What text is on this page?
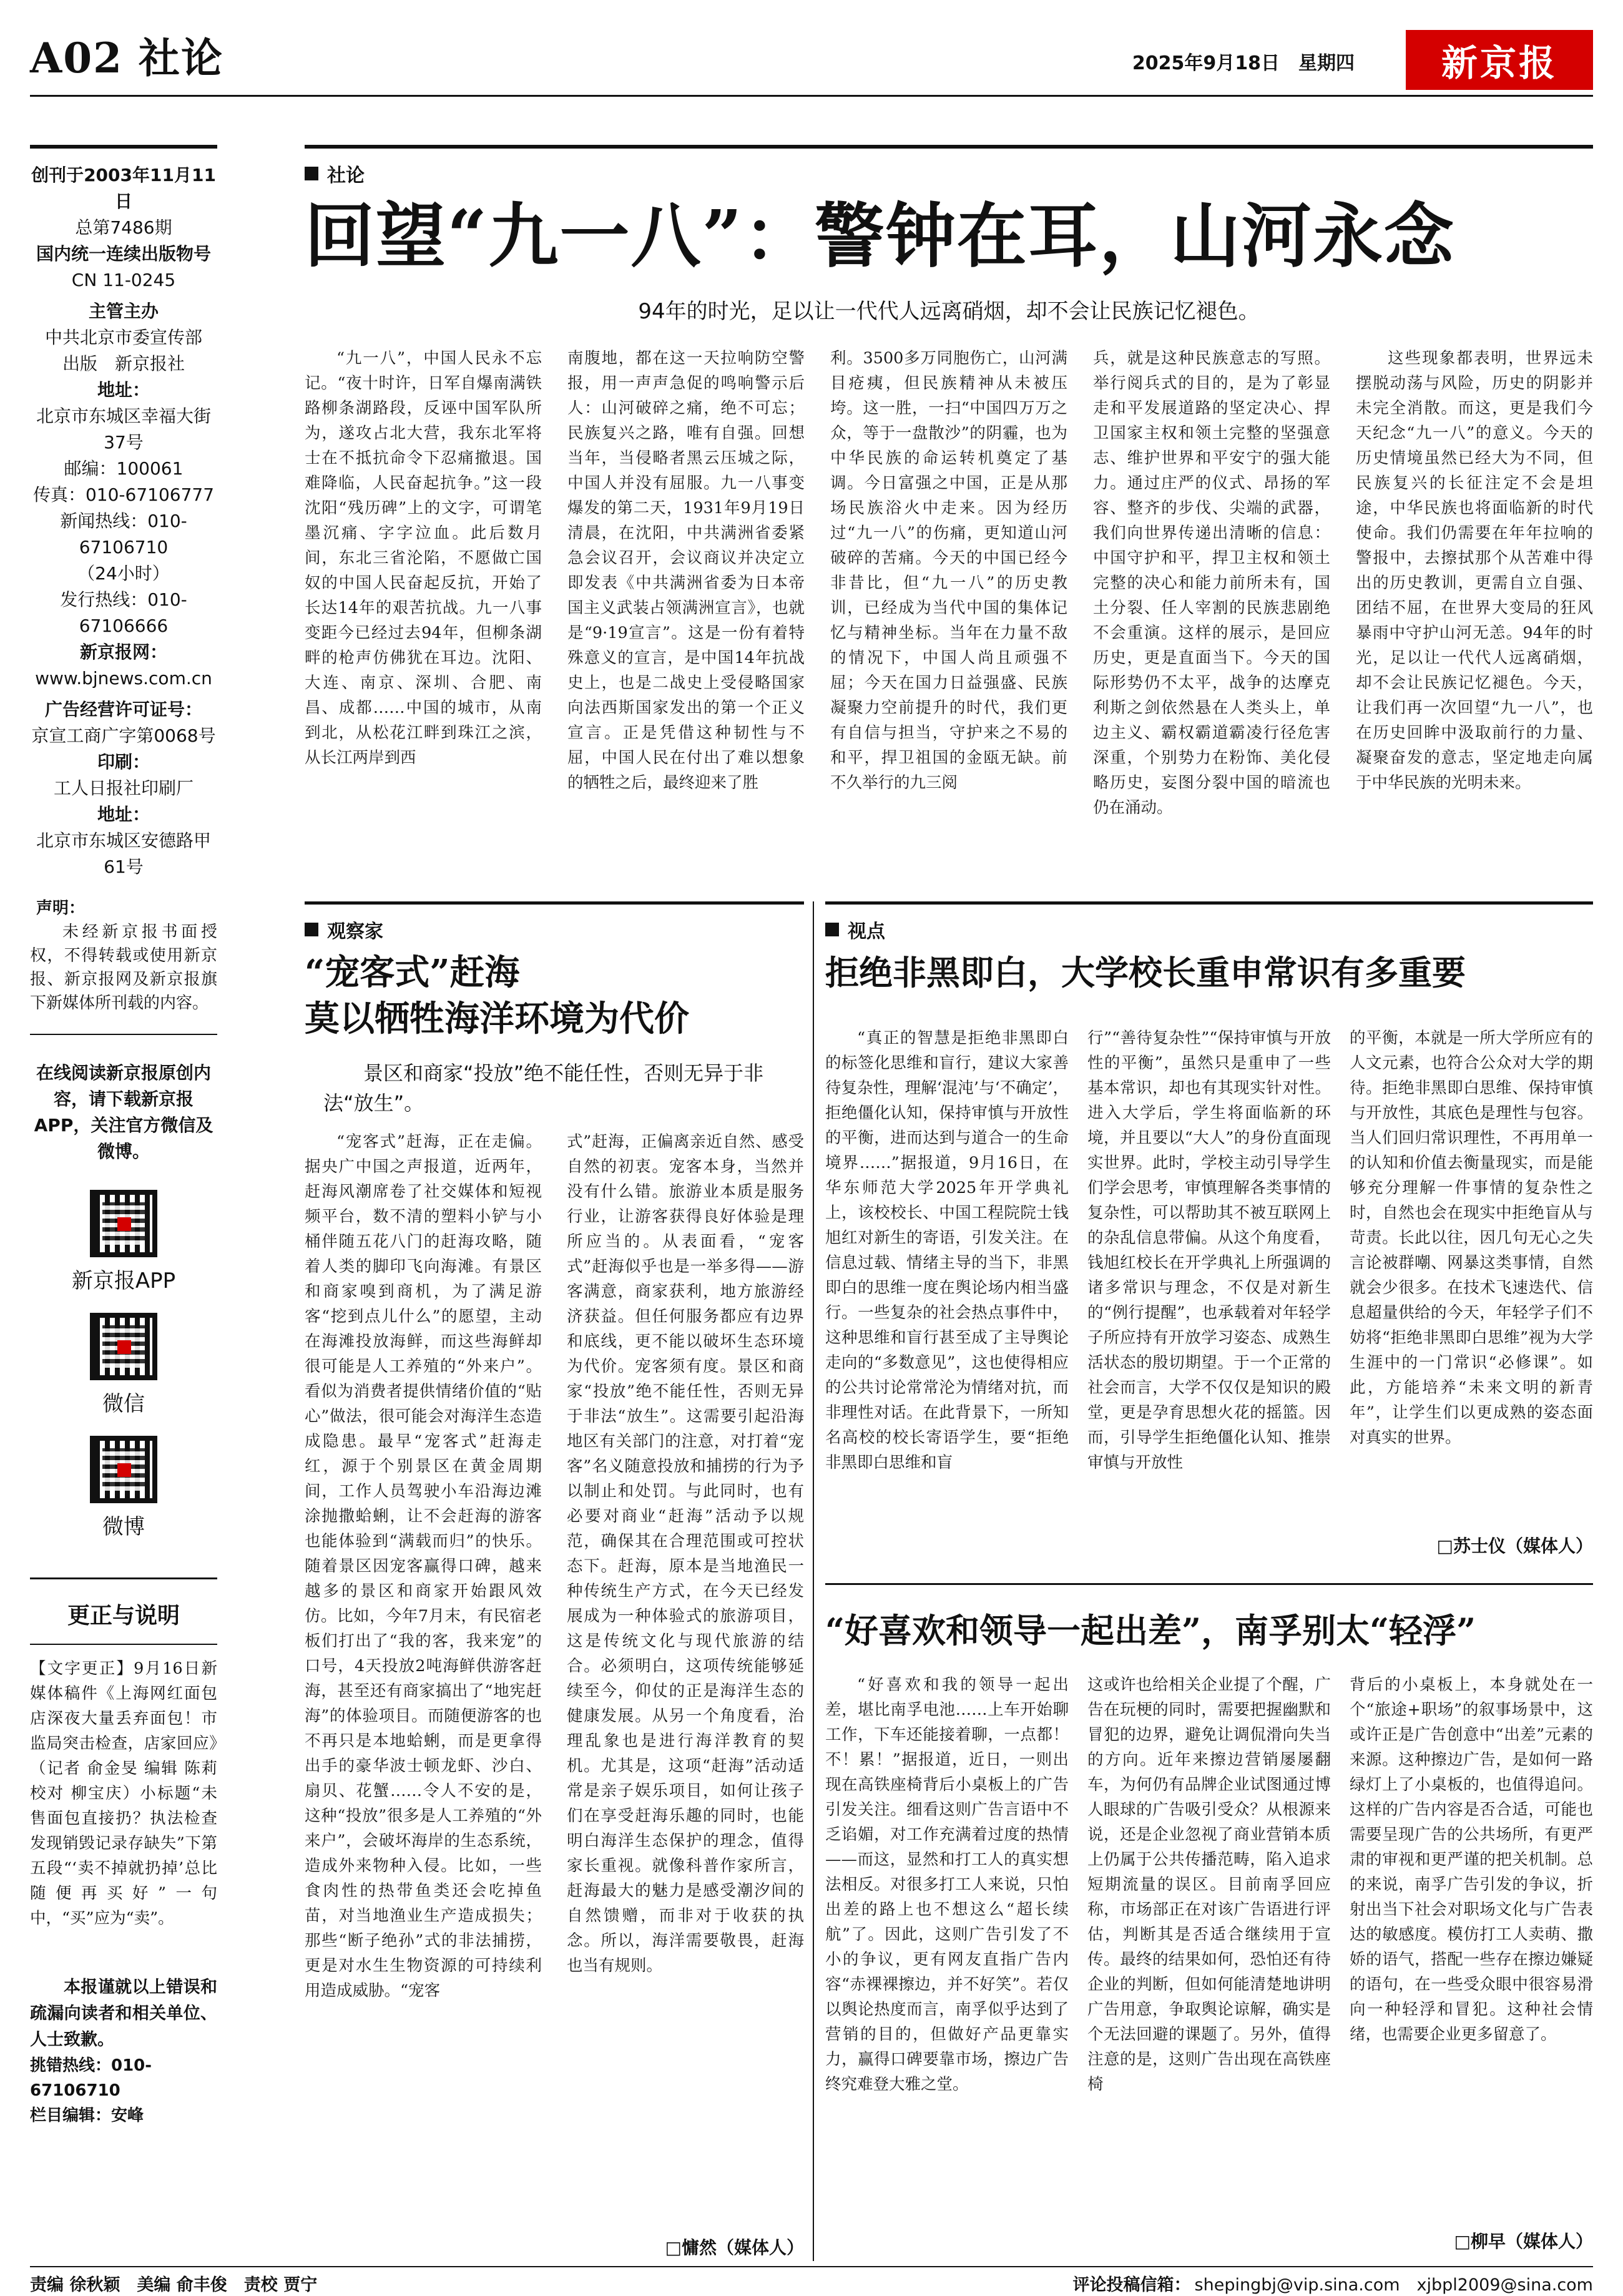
A02 社论	2025年9月18日　星期四	新京报
创刊于2003年11月11日
总第7486期
国内统一连续出版物号
CN 11-0245
主管主办
中共北京市委宣传部
出版　新京报社
地址：
北京市东城区幸福大街37号
邮编：100061
传真：010-67106777
新闻热线：010-67106710
（24小时）
发行热线：010-67106666
新京报网：
www.bjnews.com.cn
广告经营许可证号：
京宣工商广字第0068号
印刷：
工人日报社印刷厂
地址：
北京市东城区安德路甲61号
声明：
未经新京报书面授权，不得转载或使用新京报、新京报网及新京报旗下新媒体所刊载的内容。
在线阅读新京报原创内容，请下载新京报APP，关注官方微信及微博。
新京报APP
微信
微博
更正与说明
【文字更正】9月16日新媒体稿件《上海网红面包店深夜大量丢弃面包！市监局突击检查，店家回应》（记者 俞金旻 编辑 陈莉 校对 柳宝庆）小标题“未售面包直接扔？执法检查发现销毁记录存缺失”下第五段“‘卖不掉就扔掉’总比随便再买好”一句中，“买”应为“卖”。
本报谨就以上错误和疏漏向读者和相关单位、人士致歉。
挑错热线：010-67106710
栏目编辑：安峰
社论
回望“九一八”：警钟在耳，山河永念
94年的时光，足以让一代代人远离硝烟，却不会让民族记忆褪色。

“九一八”，中国人民永不忘记。“夜十时许，日军自爆南满铁路柳条湖路段，反诬中国军队所为，遂攻占北大营，我东北军将士在不抵抗命令下忍痛撤退。国难降临，人民奋起抗争。”这一段沈阳“残历碑”上的文字，可谓笔墨沉痛、字字泣血。此后数月间，东北三省沦陷，不愿做亡国奴的中国人民奋起反抗，开始了长达14年的艰苦抗战。九一八事变距今已经过去94年，但柳条湖畔的枪声仿佛犹在耳边。沈阳、大连、南京、深圳、合肥、南昌、成都……中国的城市，从南到北，从松花江畔到珠江之滨，从长江两岸到西

南腹地，都在这一天拉响防空警报，用一声声急促的鸣响警示后人：山河破碎之痛，绝不可忘；民族复兴之路，唯有自强。回想当年，当侵略者黑云压城之际，中国人并没有屈服。九一八事变爆发的第二天，1931年9月19日清晨，在沈阳，中共满洲省委紧急会议召开，会议商议并决定立即发表《中共满洲省委为日本帝国主义武装占领满洲宣言》，也就是“9·19宣言”。这是一份有着特殊意义的宣言，是中国14年抗战史上，也是二战史上受侵略国家向法西斯国家发出的第一个正义宣言。正是凭借这种韧性与不屈，中国人民在付出了难以想象的牺牲之后，最终迎来了胜

利。3500多万同胞伤亡，山河满目疮痍，但民族精神从未被压垮。这一胜，一扫“中国四万万之众，等于一盘散沙”的阴霾，也为中华民族的命运转机奠定了基调。今日富强之中国，正是从那场民族浴火中走来。因为经历过“九一八”的伤痛，更知道山河破碎的苦痛。今天的中国已经今非昔比，但“九一八”的历史教训，已经成为当代中国的集体记忆与精神坐标。当年在力量不敌的情况下，中国人尚且顽强不屈；今天在国力日益强盛、民族凝聚力空前提升的时代，我们更有自信与担当，守护来之不易的和平，捍卫祖国的金瓯无缺。前不久举行的九三阅

兵，就是这种民族意志的写照。举行阅兵式的目的，是为了彰显走和平发展道路的坚定决心、捍卫国家主权和领土完整的坚强意志、维护世界和平安宁的强大能力。通过庄严的仪式、昂扬的军容、整齐的步伐、尖端的武器，我们向世界传递出清晰的信息：中国守护和平，捍卫主权和领土完整的决心和能力前所未有，国土分裂、任人宰割的民族悲剧绝不会重演。这样的展示，是回应历史，更是直面当下。今天的国际形势仍不太平，战争的达摩克利斯之剑依然悬在人类头上，单边主义、霸权霸道霸凌行径危害深重，个别势力在粉饰、美化侵略历史，妄图分裂中国的暗流也仍在涌动。

这些现象都表明，世界远未摆脱动荡与风险，历史的阴影并未完全消散。而这，更是我们今天纪念“九一八”的意义。今天的历史情境虽然已经大为不同，但民族复兴的长征注定不会是坦途，中华民族也将面临新的时代使命。我们仍需要在年年拉响的警报中，去擦拭那个从苦难中得出的历史教训，更需自立自强、团结不屈，在世界大变局的狂风暴雨中守护山河无恙。94年的时光，足以让一代代人远离硝烟，却不会让民族记忆褪色。今天，让我们再一次回望“九一八”，也在历史回眸中汲取前行的力量、凝聚奋发的意志，坚定地走向属于中华民族的光明未来。

观察家
“宠客式”赶海
莫以牺牲海洋环境为代价
景区和商家“投放”绝不能任性，否则无异于非法“放生”。

“宠客式”赶海，正在走偏。据央广中国之声报道，近两年，赶海风潮席卷了社交媒体和短视频平台，数不清的塑料小铲与小桶伴随五花八门的赶海攻略，随着人类的脚印飞向海滩。有景区和商家嗅到商机，为了满足游客“挖到点儿什么”的愿望，主动在海滩投放海鲜，而这些海鲜却很可能是人工养殖的“外来户”。看似为消费者提供情绪价值的“贴心”做法，很可能会对海洋生态造成隐患。最早“宠客式”赶海走红，源于个别景区在黄金周期间，工作人员驾驶小车沿海边滩涂抛撒蛤蜊，让不会赶海的游客也能体验到“满载而归”的快乐。随着景区因宠客赢得口碑，越来越多的景区和商家开始跟风效仿。比如，今年7月末，有民宿老板们打出了“我的客，我来宠”的口号，4天投放2吨海鲜供游客赶海，甚至还有商家搞出了“地宪赶海”的体验项目。而随便游客的也不再只是本地蛤蜊，而是更拿得出手的豪华波士顿龙虾、沙白、扇贝、花蟹……令人不安的是，这种“投放”很多是人工养殖的“外来户”，会破坏海岸的生态系统，造成外来物种入侵。比如，一些食肉性的热带鱼类还会吃掉鱼苗，对当地渔业生产造成损失；那些“断子绝孙”式的非法捕捞，更是对水生生物资源的可持续利用造成威胁。“宠客

式”赶海，正偏离亲近自然、感受自然的初衷。宠客本身，当然并没有什么错。旅游业本质是服务行业，让游客获得良好体验是理所应当的。从表面看，“宠客式”赶海似乎也是一举多得——游客满意，商家获利，地方旅游经济获益。但任何服务都应有边界和底线，更不能以破坏生态环境为代价。宠客须有度。景区和商家“投放”绝不能任性，否则无异于非法“放生”。这需要引起沿海地区有关部门的注意，对打着“宠客”名义随意投放和捕捞的行为予以制止和处罚。与此同时，也有必要对商业“赶海”活动予以规范，确保其在合理范围或可控状态下。赶海，原本是当地渔民一种传统生产方式，在今天已经发展成为一种体验式的旅游项目，这是传统文化与现代旅游的结合。必须明白，这项传统能够延续至今，仰仗的正是海洋生态的健康发展。从另一个角度看，治理乱象也是进行海洋教育的契机。尤其是，这项“赶海”活动适常是亲子娱乐项目，如何让孩子们在享受赶海乐趣的同时，也能明白海洋生态保护的理念，值得家长重视。就像科普作家所言，赶海最大的魅力是感受潮汐间的自然馈赠，而非对于收获的执念。所以，海洋需要敬畏，赶海也当有规则。

□慵然（媒体人）
视点
拒绝非黑即白，大学校长重申常识有多重要

“真正的智慧是拒绝非黑即白的标签化思维和盲行，建议大家善待复杂性，理解‘混沌’与‘不确定’，拒绝僵化认知，保持审慎与开放性的平衡，进而达到与道合一的生命境界……”据报道，9月16日，在华东师范大学2025年开学典礼上，该校校长、中国工程院院士钱旭红对新生的寄语，引发关注。在信息过载、情绪主导的当下，非黑即白的思维一度在舆论场内相当盛行。一些复杂的社会热点事件中，这种思维和盲行甚至成了主导舆论走向的“多数意见”，这也使得相应的公共讨论常常沦为情绪对抗，而非理性对话。在此背景下，一所知名高校的校长寄语学生，要“拒绝非黑即白思维和盲

行”“善待复杂性”“保持审慎与开放性的平衡”，虽然只是重申了一些基本常识，却也有其现实针对性。进入大学后，学生将面临新的环境，并且要以“大人”的身份直面现实世界。此时，学校主动引导学生们学会思考，审慎理解各类事情的复杂性，可以帮助其不被互联网上的杂乱信息带偏。从这个角度看，钱旭红校长在开学典礼上所强调的诸多常识与理念，不仅是对新生的“例行提醒”，也承载着对年轻学子所应持有开放学习姿态、成熟生活状态的殷切期望。于一个正常的社会而言，大学不仅仅是知识的殿堂，更是孕育思想火花的摇篮。因而，引导学生拒绝僵化认知、推崇审慎与开放性

的平衡，本就是一所大学所应有的人文元素，也符合公众对大学的期待。拒绝非黑即白思维、保持审慎与开放性，其底色是理性与包容。当人们回归常识理性，不再用单一的认知和价值去衡量现实，而是能够充分理解一件事情的复杂性之时，自然也会在现实中拒绝盲从与苛责。长此以往，因几句无心之失言论被群嘲、网暴这类事情，自然就会少很多。在技术飞速迭代、信息超量供给的今天，年轻学子们不妨将“拒绝非黑即白思维”视为大学生涯中的一门常识“必修课”。如此，方能培养“未来文明的新青年”，让学生们以更成熟的姿态面对真实的世界。

□苏士仪（媒体人）
“好喜欢和领导一起出差”，南孚别太“轻浮”

“好喜欢和我的领导一起出差，堪比南孚电池……上车开始聊工作，下车还能接着聊，一点都！不！累！”据报道，近日，一则出现在高铁座椅背后小桌板上的广告引发关注。细看这则广告言语中不乏谄媚，对工作充满着过度的热情——而这，显然和打工人的真实想法相反。对很多打工人来说，只怕出差的路上也不想这么“超长续航”了。因此，这则广告引发了不小的争议，更有网友直指广告内容“赤裸裸擦边，并不好笑”。若仅以舆论热度而言，南孚似乎达到了营销的目的，但做好产品更靠实力，赢得口碑要靠市场，擦边广告终究难登大雅之堂。

这或许也给相关企业提了个醒，广告在玩梗的同时，需要把握幽默和冒犯的边界，避免让调侃滑向失当的方向。近年来擦边营销屡屡翻车，为何仍有品牌企业试图通过博人眼球的广告吸引受众？从根源来说，还是企业忽视了商业营销本质上仍属于公共传播范畴，陷入追求短期流量的误区。目前南孚回应称，市场部正在对该广告语进行评估，判断其是否适合继续用于宣传。最终的结果如何，恐怕还有待企业的判断，但如何能清楚地讲明广告用意，争取舆论谅解，确实是个无法回避的课题了。另外，值得注意的是，这则广告出现在高铁座椅

背后的小桌板上，本身就处在一个“旅途+职场”的叙事场景中，这或许正是广告创意中“出差”元素的来源。这种擦边广告，是如何一路绿灯上了小桌板的，也值得追问。这样的广告内容是否合适，可能也需要呈现广告的公共场所，有更严肃的审视和更严谨的把关机制。总的来说，南孚广告引发的争议，折射出当下社会对职场文化与广告表达的敏感度。模仿打工人卖萌、撒娇的语气，搭配一些存在擦边嫌疑的语句，在一些受众眼中很容易滑向一种轻浮和冒犯。这种社会情绪，也需要企业更多留意了。

□柳早（媒体人）
责编 徐秋颖　美编 俞丰俊　责校 贾宁	评论投稿信箱： shepingbj@vip.sina.com　xjbpl2009@sina.com
